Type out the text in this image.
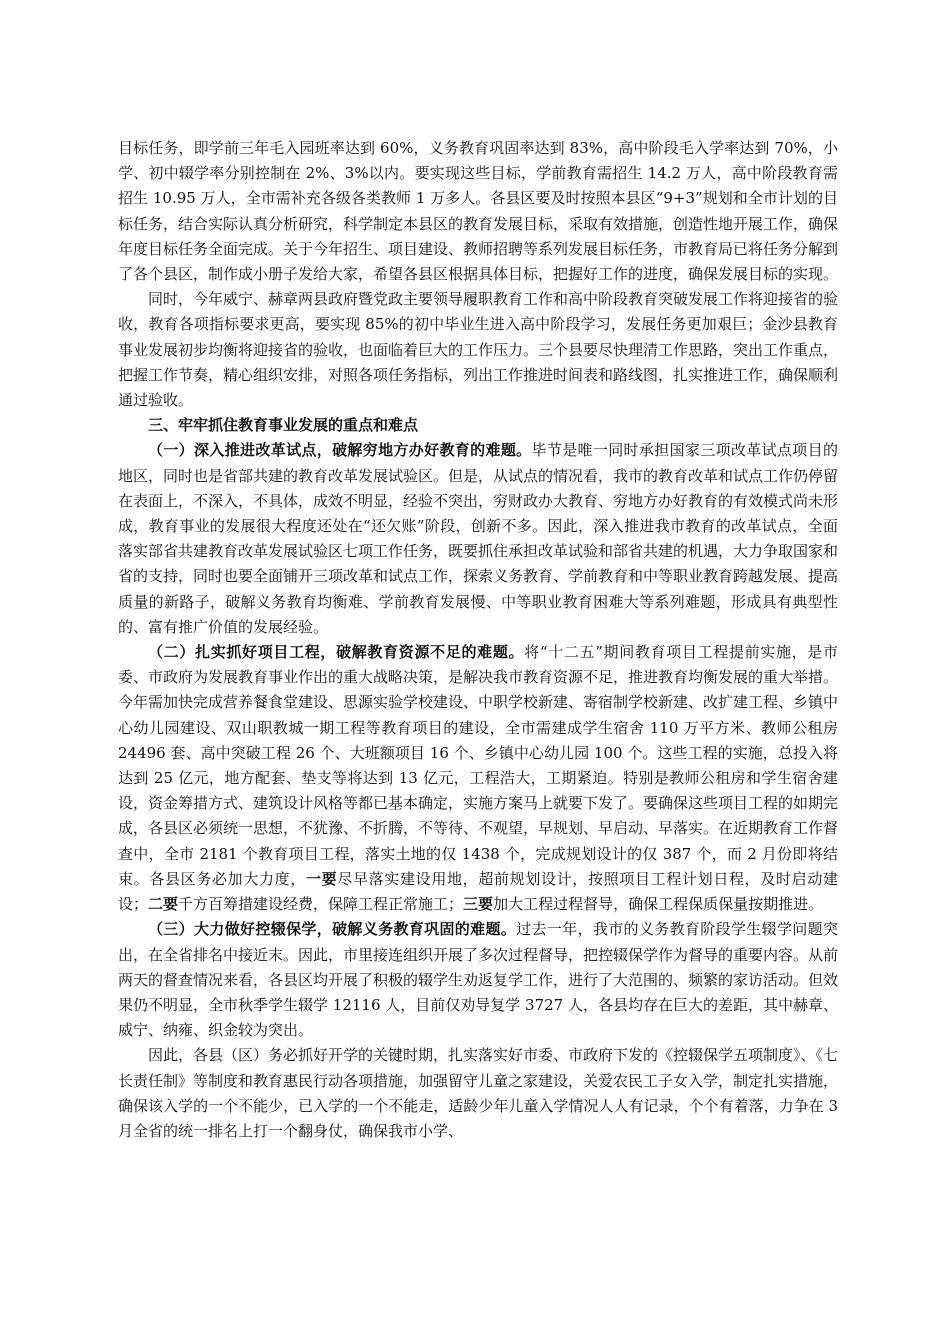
目标任务，即学前三年毛入园班率达到 60%，义务教育巩固率达到 83%，高中阶段毛入学率达到 70%，小学、初中辍学率分别控制在 2%、3%以内。要实现这些目标，学前教育需招生 14.2 万人，高中阶段教育需招生 10.95 万人，全市需补充各级各类教师 1 万多人。各县区要及时按照本县区“9+3”规划和全市计划的目标任务，结合实际认真分析研究，科学制定本县区的教育发展目标，采取有效措施，创造性地开展工作，确保年度目标任务全面完成。关于今年招生、项目建设、教师招聘等系列发展目标任务，市教育局已将任务分解到了各个县区，制作成小册子发给大家，希望各县区根据具体目标，把握好工作的进度，确保发展目标的实现。

同时，今年威宁、赫章两县政府暨党政主要领导履职教育工作和高中阶段教育突破发展工作将迎接省的验收，教育各项指标要求更高，要实现 85%的初中毕业生进入高中阶段学习，发展任务更加艰巨；金沙县教育事业发展初步均衡将迎接省的验收，也面临着巨大的工作压力。三个县要尽快理清工作思路，突出工作重点，把握工作节奏，精心组织安排，对照各项任务指标，列出工作推进时间表和路线图，扎实推进工作，确保顺利通过验收。

三、牢牢抓住教育事业发展的重点和难点

（一）深入推进改革试点，破解穷地方办好教育的难题。毕节是唯一同时承担国家三项改革试点项目的地区，同时也是省部共建的教育改革发展试验区。但是，从试点的情况看，我市的教育改革和试点工作仍停留在表面上，不深入，不具体，成效不明显，经验不突出，穷财政办大教育、穷地方办好教育的有效模式尚未形成，教育事业的发展很大程度还处在“还欠账”阶段，创新不多。因此，深入推进我市教育的改革试点，全面落实部省共建教育改革发展试验区七项工作任务，既要抓住承担改革试验和部省共建的机遇，大力争取国家和省的支持，同时也要全面铺开三项改革和试点工作，探索义务教育、学前教育和中等职业教育跨越发展、提高质量的新路子，破解义务教育均衡难、学前教育发展慢、中等职业教育困难大等系列难题，形成具有典型性的、富有推广价值的发展经验。

（二）扎实抓好项目工程，破解教育资源不足的难题。将“十二五”期间教育项目工程提前实施，是市委、市政府为发展教育事业作出的重大战略决策，是解决我市教育资源不足，推进教育均衡发展的重大举措。今年需加快完成营养餐食堂建设、思源实验学校建设、中职学校新建、寄宿制学校新建、改扩建工程、乡镇中心幼儿园建设、双山职教城一期工程等教育项目的建设，全市需建成学生宿舍 110 万平方米、教师公租房 24496 套、高中突破工程 26 个、大班额项目 16 个、乡镇中心幼儿园 100 个。这些工程的实施，总投入将达到 25 亿元，地方配套、垫支等将达到 13 亿元，工程浩大，工期紧迫。特别是教师公租房和学生宿舍建设，资金筹措方式、建筑设计风格等都已基本确定，实施方案马上就要下发了。要确保这些项目工程的如期完成，各县区必须统一思想，不犹豫、不折腾，不等待、不观望，早规划、早启动、早落实。在近期教育工作督查中，全市 2181 个教育项目工程，落实土地的仅 1438 个，完成规划设计的仅 387 个，而 2 月份即将结束。各县区务必加大力度，一要尽早落实建设用地，超前规划设计，按照项目工程计划日程，及时启动建设；二要千方百筹措建设经费，保障工程正常施工；三要加大工程过程督导，确保工程保质保量按期推进。

（三）大力做好控辍保学，破解义务教育巩固的难题。过去一年，我市的义务教育阶段学生辍学问题突出，在全省排名中接近末。因此，市里接连组织开展了多次过程督导，把控辍保学作为督导的重要内容。从前两天的督查情况来看，各县区均开展了积极的辍学生劝返复学工作，进行了大范围的、频繁的家访活动。但效果仍不明显，全市秋季学生辍学 12116 人，目前仅劝导复学 3727 人，各县均存在巨大的差距，其中赫章、威宁、纳雍、织金较为突出。

因此，各县（区）务必抓好开学的关键时期，扎实落实好市委、市政府下发的《控辍保学五项制度》、《七长责任制》等制度和教育惠民行动各项措施，加强留守儿童之家建设，关爱农民工子女入学，制定扎实措施，确保该入学的一个不能少，已入学的一个不能走，适龄少年儿童入学情况人人有记录，个个有着落，力争在 3 月全省的统一排名上打一个翻身仗，确保我市小学、
